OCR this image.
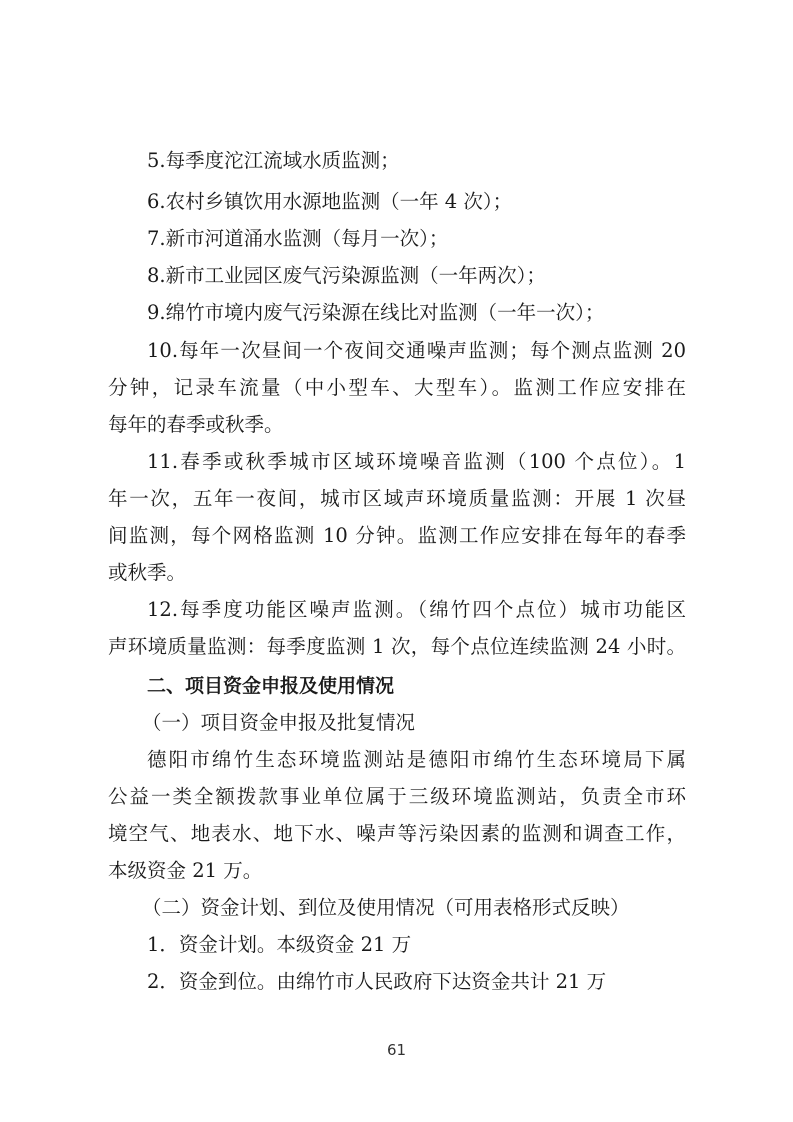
5.每季度沱江流域水质监测；
6.农村乡镇饮用水源地监测（一年 4 次）；
7.新市河道涌水监测（每月一次）；
8.新市工业园区废气污染源监测（一年两次）；
9.绵竹市境内废气污染源在线比对监测（一年一次）；
10.每年一次昼间一个夜间交通噪声监测；每个测点监测 20
分钟，记录车流量（中小型车、大型车）。监测工作应安排在
每年的春季或秋季。
11.春季或秋季城市区域环境噪音监测（100 个点位）。1
年一次，五年一夜间，城市区域声环境质量监测：开展 1 次昼
间监测，每个网格监测 10 分钟。监测工作应安排在每年的春季
或秋季。
12.每季度功能区噪声监测。（绵竹四个点位）城市功能区
声环境质量监测：每季度监测 1 次，每个点位连续监测 24 小时。
二、项目资金申报及使用情况
（一）项目资金申报及批复情况
德阳市绵竹生态环境监测站是德阳市绵竹生态环境局下属
公益一类全额拨款事业单位属于三级环境监测站，负责全市环
境空气、地表水、地下水、噪声等污染因素的监测和调查工作，
本级资金 21 万。
（二）资金计划、到位及使用情况（可用表格形式反映）
1．资金计划。本级资金 21 万
2．资金到位。由绵竹市人民政府下达资金共计 21 万
61
